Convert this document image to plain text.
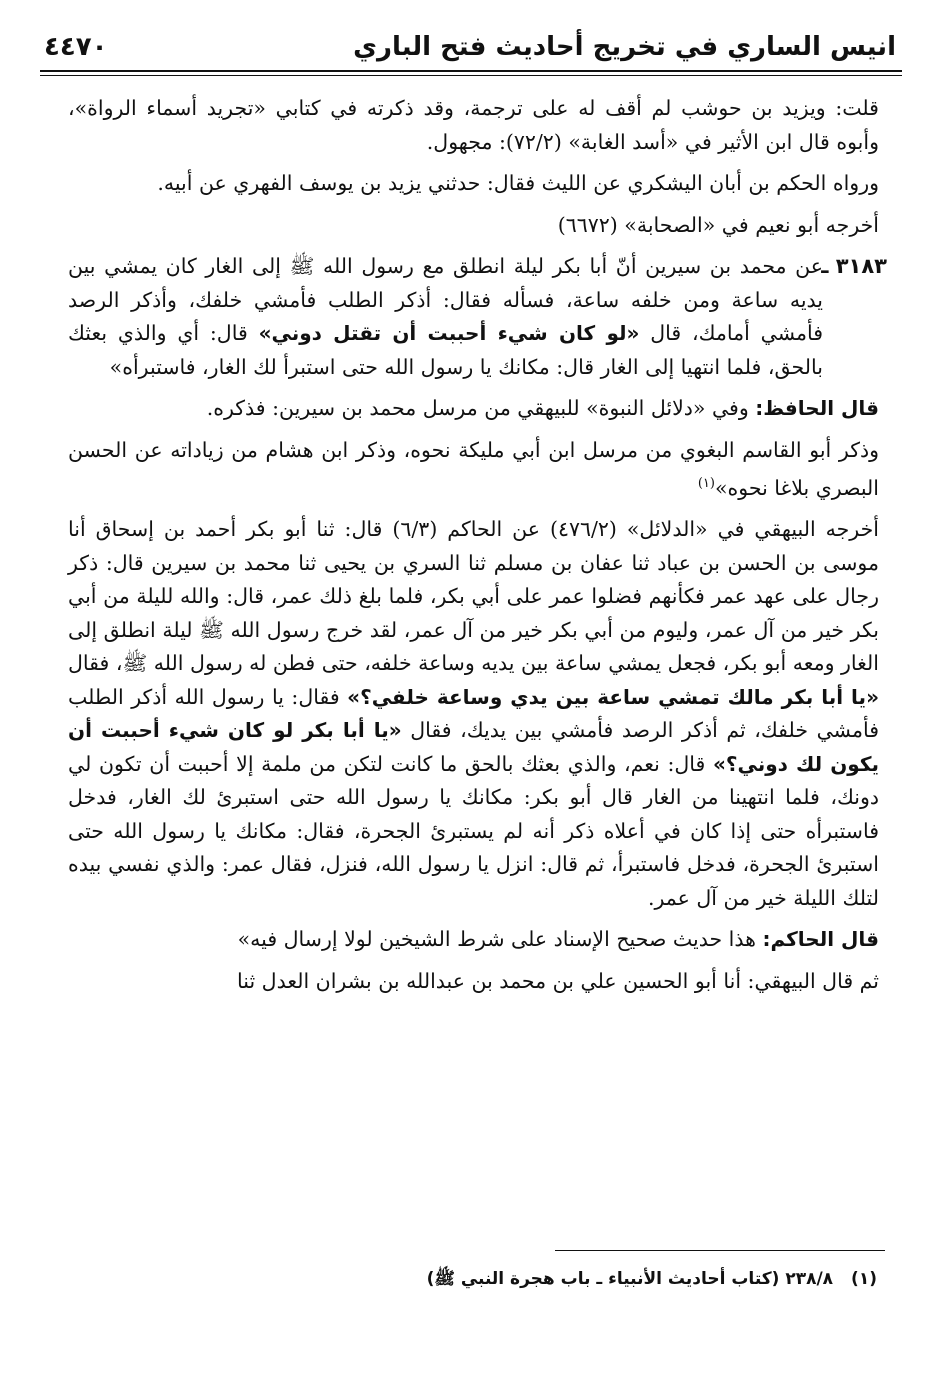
انيس الساري في تخريج أحاديث فتح الباري
٤٤٧٠

قلت: ويزيد بن حوشب لم أقف له على ترجمة، وقد ذكرته في كتابي «تجريد أسماء الرواة»، وأبوه قال ابن الأثير في «أسد الغابة» (٧٢/٢): مجهول.

ورواه الحكم بن أبان اليشكري عن الليث فقال: حدثني يزيد بن يوسف الفهري عن أبيه.

أخرجه أبو نعيم في «الصحابة» (٦٦٧٢)

٣١٨٣ ـ

عن محمد بن سيرين أنّ أبا بكر ليلة انطلق مع رسول الله ﷺ إلى الغار كان يمشي بين يديه ساعة ومن خلفه ساعة، فسأله فقال: أذكر الطلب فأمشي خلفك، وأذكر الرصد فأمشي أمامك، قال «لو كان شيء أحببت أن تقتل دوني» قال: أي والذي بعثك بالحق، فلما انتهيا إلى الغار قال: مكانك يا رسول الله حتى استبرأ لك الغار، فاستبرأه»

قال الحافظ: وفي «دلائل النبوة» للبيهقي من مرسل محمد بن سيرين: فذكره.

وذكر أبو القاسم البغوي من مرسل ابن أبي مليكة نحوه، وذكر ابن هشام من زياداته عن الحسن البصري بلاغا نحوه»$^{(١)}$

أخرجه البيهقي في «الدلائل» (٤٧٦/٢) عن الحاكم (٦/٣) قال: ثنا أبو بكر أحمد بن إسحاق أنا موسى بن الحسن بن عباد ثنا عفان بن مسلم ثنا السري بن يحيى ثنا محمد بن سيرين قال: ذكر رجال على عهد عمر فكأنهم فضلوا عمر على أبي بكر، فلما بلغ ذلك عمر، قال: والله لليلة من أبي بكر خير من آل عمر، وليوم من أبي بكر خير من آل عمر، لقد خرج رسول الله ﷺ ليلة انطلق إلى الغار ومعه أبو بكر، فجعل يمشي ساعة بين يديه وساعة خلفه، حتى فطن له رسول الله ﷺ، فقال «يا أبا بكر مالك تمشي ساعة بين يدي وساعة خلفي؟» فقال: يا رسول الله أذكر الطلب فأمشي خلفك، ثم أذكر الرصد فأمشي بين يديك، فقال «يا أبا بكر لو كان شيء أحببت أن يكون لك دوني؟» قال: نعم، والذي بعثك بالحق ما كانت لتكن من ملمة إلا أحببت أن تكون لي دونك، فلما انتهينا من الغار قال أبو بكر: مكانك يا رسول الله حتى استبرئ لك الغار، فدخل فاستبرأه حتى إذا كان في أعلاه ذكر أنه لم يستبرئ الجحرة، فقال: مكانك يا رسول الله حتى استبرئ الجحرة، فدخل فاستبرأ، ثم قال: انزل يا رسول الله، فنزل، فقال عمر: والذي نفسي بيده لتلك الليلة خير من آل عمر.

قال الحاكم: هذا حديث صحيح الإسناد على شرط الشيخين لولا إرسال فيه»

ثم قال البيهقي: أنا أبو الحسين علي بن محمد بن عبدالله بن بشران العدل ثنا

(١)٢٣٨/٨ (كتاب أحاديث الأنبياء ـ باب هجرة النبي ﷺ)
